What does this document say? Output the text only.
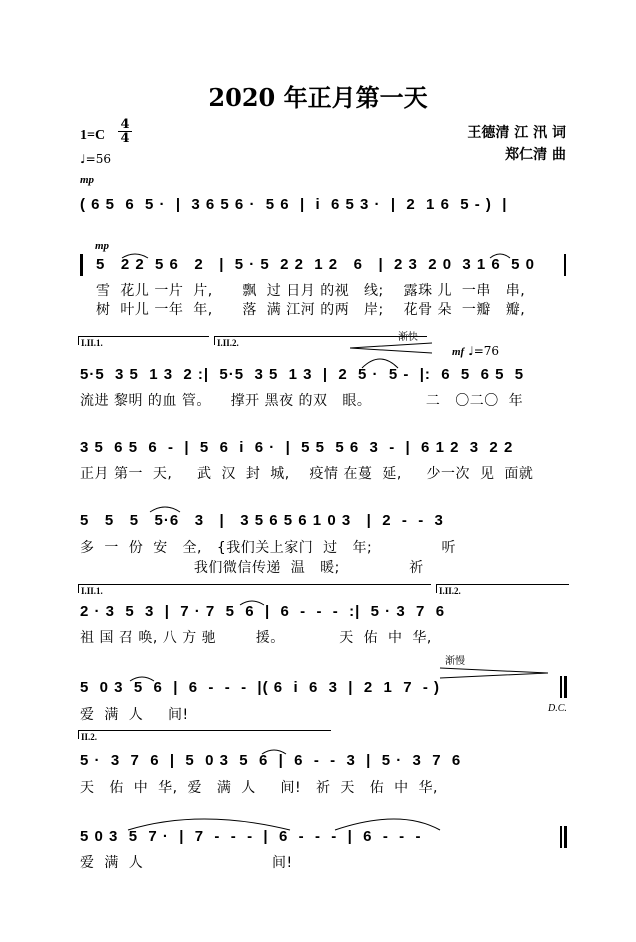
2020 年正月第一天
1=C
4
4	王德清 江 汛 词
郑仁清 曲
♩=56
mp
( 6 5  6  5 ·  |  3 6 5 6 ·  5 6  |  i  6 5 3 ·  |  2  1 6  5 - )  |
mp
5   2 2  5 6   2   |  5 · 5  2 2  1 2   6   |  2 3  2 0  3 1 6  5 0
雪  花儿 一片  片,      飘  过 日月 的视   线;    露珠 儿  一串   串,
树  叶儿 一年  年,      落  满 江河 的两   岸;    花骨 朵  一瓣   瓣,
I.II.1.	I.II.2.	渐快
mf ♩=76
5·5  3 5  1 3  2 :|  5·5  3 5  1 3  |  2  5 ·  5 -  |:  6  5  6 5  5
流进 黎明 的血 管。    撑开 黑夜 的双   眼。           二   〇二〇  年
3 5  6 5  6  -  |  5  6  i  6 ·  |  5 5  5 6  3  -  |  6 1 2  3  2 2
正月 第一  天,     武  汉  封  城,    疫情 在蔓  延,     少一次  见  面就
5   5   5   5·6   3   |   3 5 6 5 6 1 0 3   |  2  -  -  3
多  一  份  安   全,   {我们关上家门  过   年;              听
我们微信传递  温   暖;              祈
I.II.1.	I.II.2.
2 · 3  5  3  |  7 · 7  5  6  |  6  -  -  -  :|  5 · 3  7  6
祖 国 召 唤, 八 方 驰        援。           天  佑  中  华,
渐慢
5  0 3  5  6  |  6  -  -  -  |( 6  i  6  3  |  2  1  7  - )
爱  满  人     间!	D.C.
II.2.
5 ·  3  7  6  |  5  0 3  5  6  |  6  -  -  3  |  5 ·  3  7  6
天   佑  中  华,  爱   满  人     间!   祈  天   佑  中  华,
5 0 3  5  7 ·  |  7  -  -  -  |  6  -  -  -  |  6  -  -  -
爱  满  人                          间!
